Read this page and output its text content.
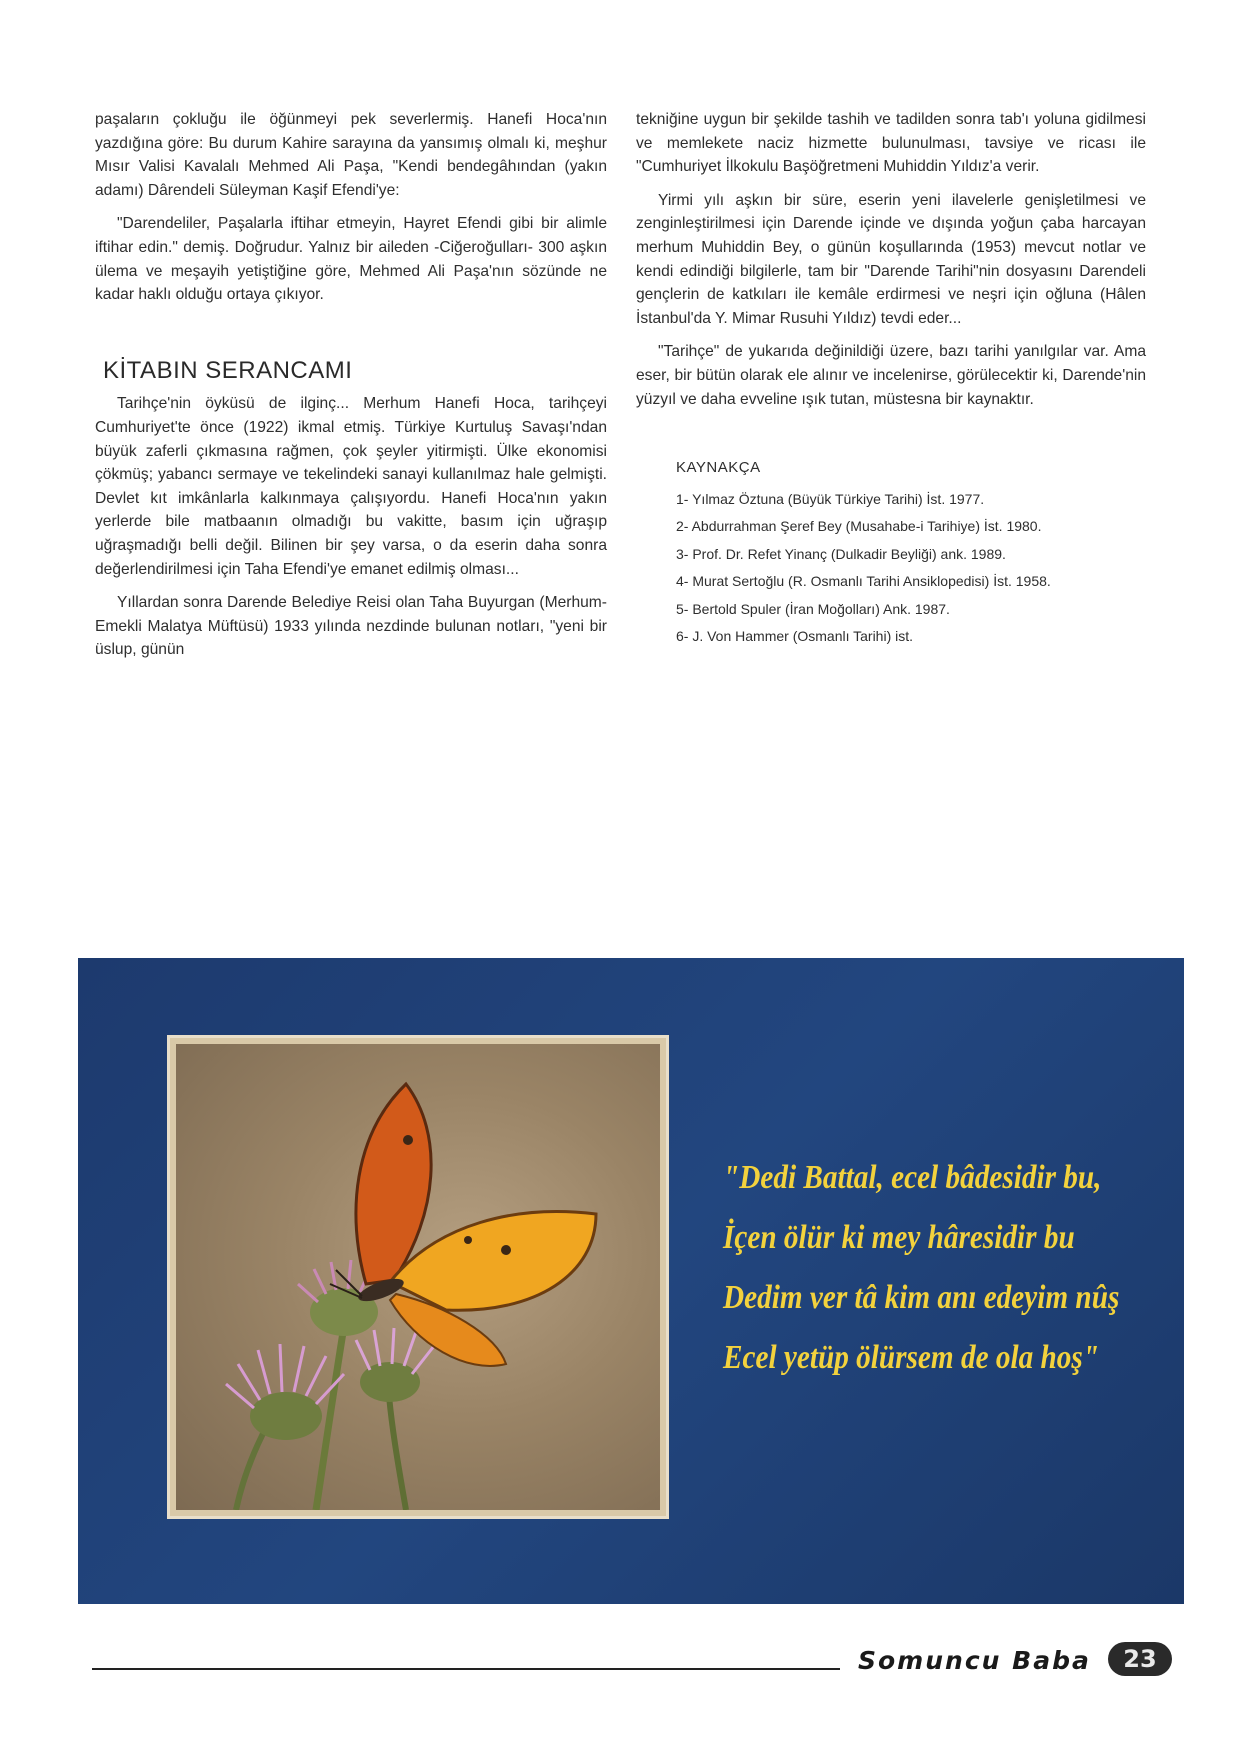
paşaların çokluğu ile öğünmeyi pek severlermiş. Hanefi Hoca'nın yazdığına göre: Bu durum Kahire sarayına da yansımış olmalı ki, meşhur Mısır Valisi Kavalalı Mehmed Ali Paşa, "Kendi bendegâhından (yakın adamı) Dârendeli Süleyman Kaşif Efendi'ye:

"Darendeliler, Paşalarla iftihar etmeyin, Hayret Efendi gibi bir alimle iftihar edin." demiş. Doğrudur. Yalnız bir aileden -Ciğeroğulları- 300 aşkın ülema ve meşayih yetiştiğine göre, Mehmed Ali Paşa'nın sözünde ne kadar haklı olduğu ortaya çıkıyor.

KİTABIN SERANCAMI

Tarihçe'nin öyküsü de ilginç... Merhum Hanefi Hoca, tarihçeyi Cumhuriyet'te önce (1922) ikmal etmiş. Türkiye Kurtuluş Savaşı'ndan büyük zaferli çıkmasına rağmen, çok şeyler yitirmişti. Ülke ekonomisi çökmüş; yabancı sermaye ve tekelindeki sanayi kullanılmaz hale gelmişti. Devlet kıt imkânlarla kalkınmaya çalışıyordu. Hanefi Hoca'nın yakın yerlerde bile matbaanın olmadığı bu vakitte, basım için uğraşıp uğraşmadığı belli değil. Bilinen bir şey varsa, o da eserin daha sonra değerlendirilmesi için Taha Efendi'ye emanet edilmiş olması...

Yıllardan sonra Darende Belediye Reisi olan Taha Buyurgan (Merhum-Emekli Malatya Müftüsü) 1933 yılında nezdinde bulunan notları, "yeni bir üslup, günün

tekniğine uygun bir şekilde tashih ve tadilden sonra tab'ı yoluna gidilmesi ve memlekete naciz hizmette bulunulması, tavsiye ve ricası ile "Cumhuriyet İlkokulu Başöğretmeni Muhiddin Yıldız'a verir.

Yirmi yılı aşkın bir süre, eserin yeni ilavelerle genişletilmesi ve zenginleştirilmesi için Darende içinde ve dışında yoğun çaba harcayan merhum Muhiddin Bey, o günün koşullarında (1953) mevcut notlar ve kendi edindiği bilgilerle, tam bir "Darende Tarihi"nin dosyasını Darendeli gençlerin de katkıları ile kemâle erdirmesi ve neşri için oğluna (Hâlen İstanbul'da Y. Mimar Rusuhi Yıldız) tevdi eder...

"Tarihçe" de yukarıda değinildiği üzere, bazı tarihi yanılgılar var. Ama eser, bir bütün olarak ele alınır ve incelenirse, görülecektir ki, Darende'nin yüzyıl ve daha evveline ışık tutan, müstesna bir kaynaktır.

KAYNAKÇA
1- Yılmaz Öztuna (Büyük Türkiye Tarihi) İst. 1977.
2- Abdurrahman Şeref Bey (Musahabe-i Tarihiye) İst. 1980.
3- Prof. Dr. Refet Yinanç (Dulkadir Beyliği) ank. 1989.
4- Murat Sertoğlu (R. Osmanlı Tarihi Ansiklopedisi) İst. 1958.
5- Bertold Spuler (İran Moğolları) Ank. 1987.
6- J. Von Hammer (Osmanlı Tarihi) ist.
"Dedi Battal, ecel bâdesidir bu,
İçen ölür ki mey hâresidir bu
Dedim ver tâ kim anı edeyim nûş
Ecel yetüp ölürsem de ola hoş"
Somuncu Baba	23
